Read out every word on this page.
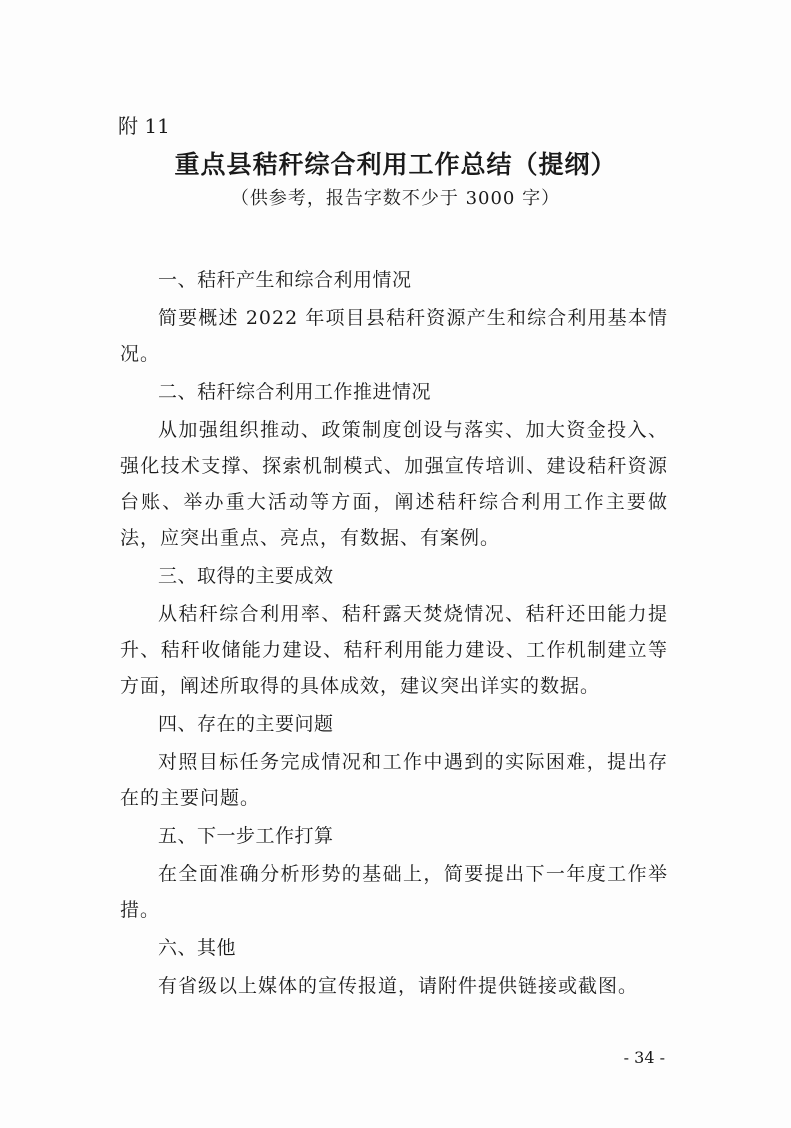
附 11
重点县秸秆综合利用工作总结（提纲）
（供参考，报告字数不少于 3000 字）

一、秸秆产生和综合利用情况

简要概述 2022 年项目县秸秆资源产生和综合利用基本情况。

二、秸秆综合利用工作推进情况

从加强组织推动、政策制度创设与落实、加大资金投入、强化技术支撑、探索机制模式、加强宣传培训、建设秸秆资源台账、举办重大活动等方面，阐述秸秆综合利用工作主要做法，应突出重点、亮点，有数据、有案例。

三、取得的主要成效

从秸秆综合利用率、秸秆露天焚烧情况、秸秆还田能力提升、秸秆收储能力建设、秸秆利用能力建设、工作机制建立等方面，阐述所取得的具体成效，建议突出详实的数据。

四、存在的主要问题

对照目标任务完成情况和工作中遇到的实际困难，提出存在的主要问题。

五、下一步工作打算

在全面准确分析形势的基础上，简要提出下一年度工作举措。

六、其他

有省级以上媒体的宣传报道，请附件提供链接或截图。

- 34 -
